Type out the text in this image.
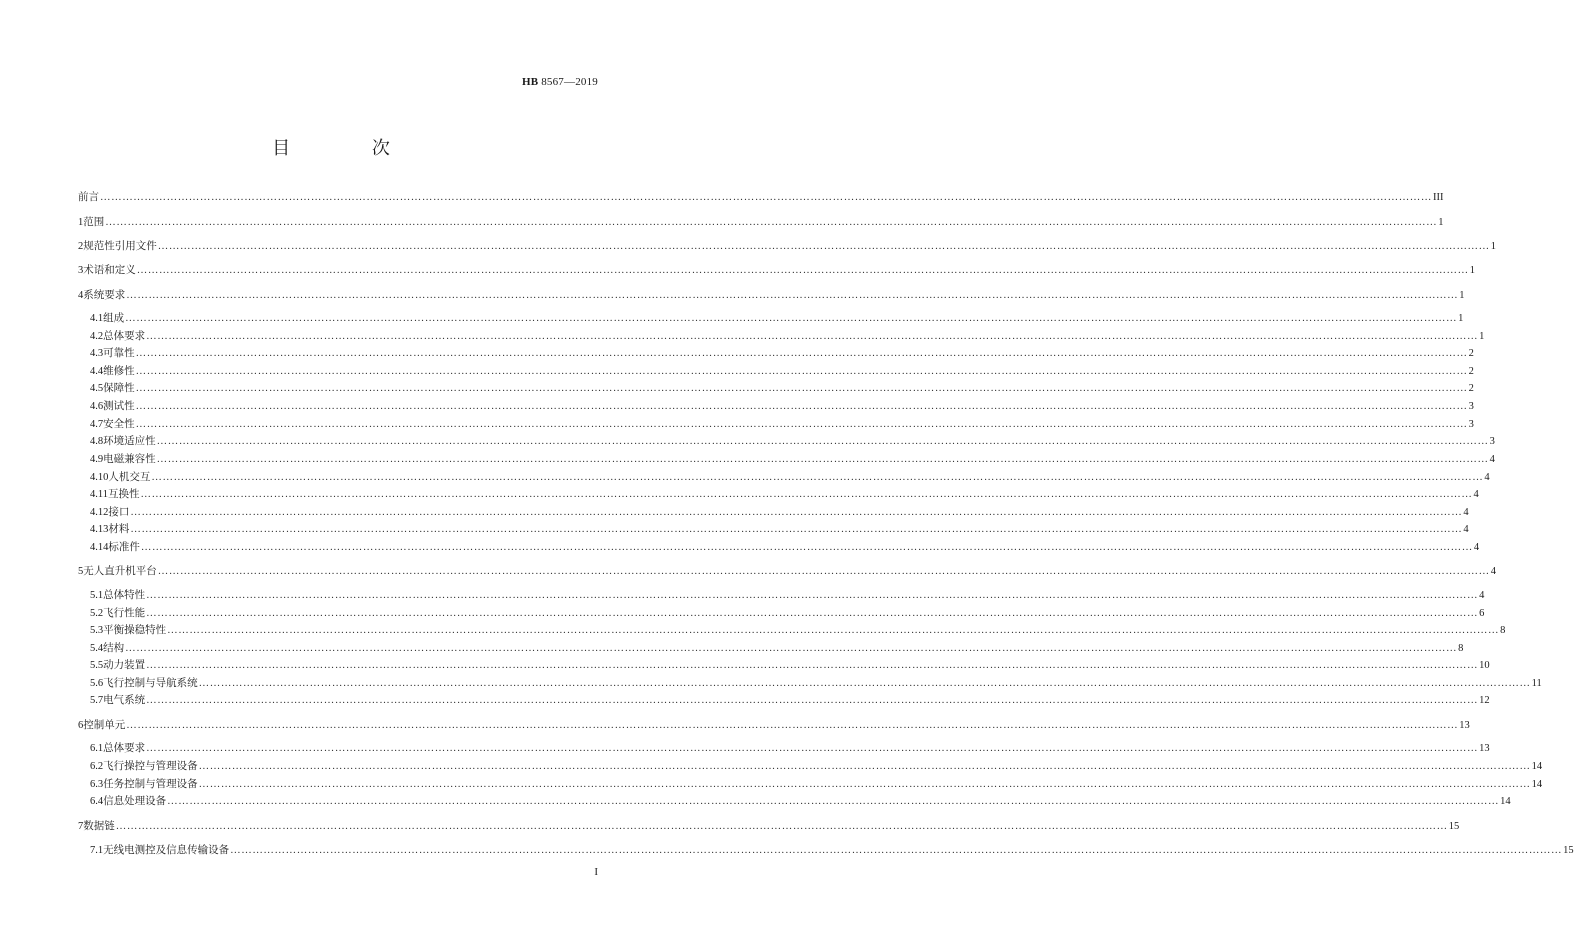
HB 8567—2019
目 次
前言 ……………………………………………………………………………………………………………………………………………………………………………………………………………………………………………………………………………………………………………………………… III
1 范围 ……………………………………………………………………………………………………………………………………………………………………………………………………………………………………………………………………………………………………………………………… 1
2 规范性引用文件 ……………………………………………………………………………………………………………………………………………………………………………………………………………………………………………………………………………………………………………………………… 1
3 术语和定义 ……………………………………………………………………………………………………………………………………………………………………………………………………………………………………………………………………………………………………………………………… 1
4 系统要求 ……………………………………………………………………………………………………………………………………………………………………………………………………………………………………………………………………………………………………………………………… 1
4.1 组成 ……………………………………………………………………………………………………………………………………………………………………………………………………………………………………………………………………………………………………………………………… 1
4.2 总体要求 ……………………………………………………………………………………………………………………………………………………………………………………………………………………………………………………………………………………………………………………………… 1
4.3 可靠性 ……………………………………………………………………………………………………………………………………………………………………………………………………………………………………………………………………………………………………………………………… 2
4.4 维修性 ……………………………………………………………………………………………………………………………………………………………………………………………………………………………………………………………………………………………………………………………… 2
4.5 保障性 ……………………………………………………………………………………………………………………………………………………………………………………………………………………………………………………………………………………………………………………………… 2
4.6 测试性 ……………………………………………………………………………………………………………………………………………………………………………………………………………………………………………………………………………………………………………………………… 3
4.7 安全性 ……………………………………………………………………………………………………………………………………………………………………………………………………………………………………………………………………………………………………………………………… 3
4.8 环境适应性 ……………………………………………………………………………………………………………………………………………………………………………………………………………………………………………………………………………………………………………………………… 3
4.9 电磁兼容性 ……………………………………………………………………………………………………………………………………………………………………………………………………………………………………………………………………………………………………………………………… 4
4.10 人机交互 ……………………………………………………………………………………………………………………………………………………………………………………………………………………………………………………………………………………………………………………………… 4
4.11 互换性 ……………………………………………………………………………………………………………………………………………………………………………………………………………………………………………………………………………………………………………………………… 4
4.12 接口 ……………………………………………………………………………………………………………………………………………………………………………………………………………………………………………………………………………………………………………………………… 4
4.13 材料 ……………………………………………………………………………………………………………………………………………………………………………………………………………………………………………………………………………………………………………………………… 4
4.14 标准件 ……………………………………………………………………………………………………………………………………………………………………………………………………………………………………………………………………………………………………………………………… 4
5 无人直升机平台 ……………………………………………………………………………………………………………………………………………………………………………………………………………………………………………………………………………………………………………………………… 4
5.1 总体特性 ……………………………………………………………………………………………………………………………………………………………………………………………………………………………………………………………………………………………………………………………… 4
5.2 飞行性能 ……………………………………………………………………………………………………………………………………………………………………………………………………………………………………………………………………………………………………………………………… 6
5.3 平衡操稳特性 ……………………………………………………………………………………………………………………………………………………………………………………………………………………………………………………………………………………………………………………………… 8
5.4 结构 ……………………………………………………………………………………………………………………………………………………………………………………………………………………………………………………………………………………………………………………………… 8
5.5 动力装置 ……………………………………………………………………………………………………………………………………………………………………………………………………………………………………………………………………………………………………………………………… 10
5.6 飞行控制与导航系统 ……………………………………………………………………………………………………………………………………………………………………………………………………………………………………………………………………………………………………………………………… 11
5.7 电气系统 ……………………………………………………………………………………………………………………………………………………………………………………………………………………………………………………………………………………………………………………………… 12
6 控制单元 ……………………………………………………………………………………………………………………………………………………………………………………………………………………………………………………………………………………………………………………………… 13
6.1 总体要求 ……………………………………………………………………………………………………………………………………………………………………………………………………………………………………………………………………………………………………………………………… 13
6.2 飞行操控与管理设备 ……………………………………………………………………………………………………………………………………………………………………………………………………………………………………………………………………………………………………………………………… 14
6.3 任务控制与管理设备 ……………………………………………………………………………………………………………………………………………………………………………………………………………………………………………………………………………………………………………………………… 14
6.4 信息处理设备 ……………………………………………………………………………………………………………………………………………………………………………………………………………………………………………………………………………………………………………………………… 14
7 数据链 ……………………………………………………………………………………………………………………………………………………………………………………………………………………………………………………………………………………………………………………………… 15
7.1 无线电测控及信息传输设备 ……………………………………………………………………………………………………………………………………………………………………………………………………………………………………………………………………………………………………………………………… 15
I
